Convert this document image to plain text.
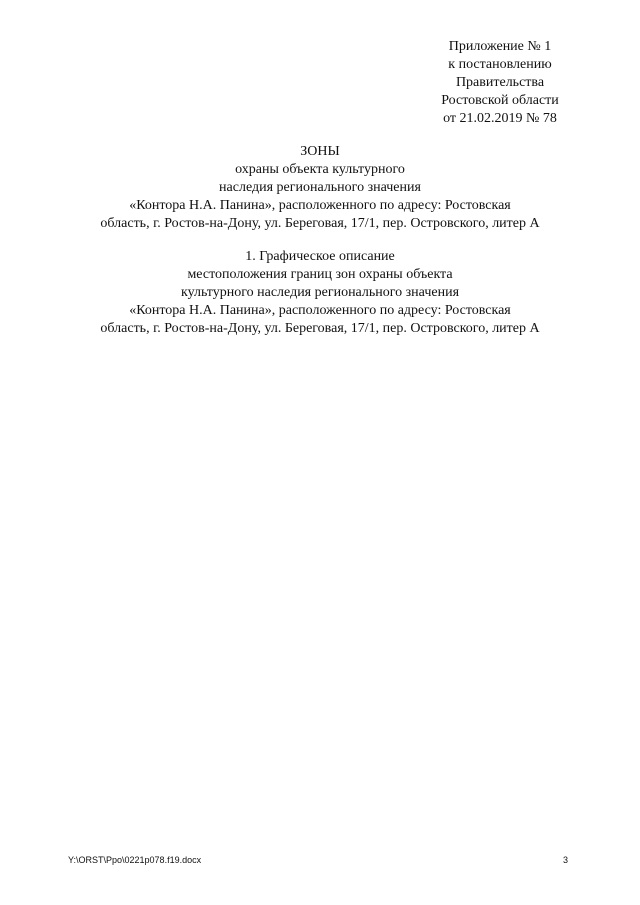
Приложение № 1
к постановлению
Правительства
Ростовской области
от 21.02.2019 № 78
ЗОНЫ
охраны объекта культурного
наследия регионального значения
«Контора Н.А. Панина», расположенного по адресу: Ростовская
область, г. Ростов-на-Дону, ул. Береговая, 17/1, пер. Островского, литер А
1. Графическое описание
местоположения границ зон охраны объекта
культурного наследия регионального значения
«Контора Н.А. Панина», расположенного по адресу: Ростовская
область, г. Ростов-на-Дону, ул. Береговая, 17/1, пер. Островского, литер А
Y:\ORST\Ppo\0221p078.f19.docx	3
